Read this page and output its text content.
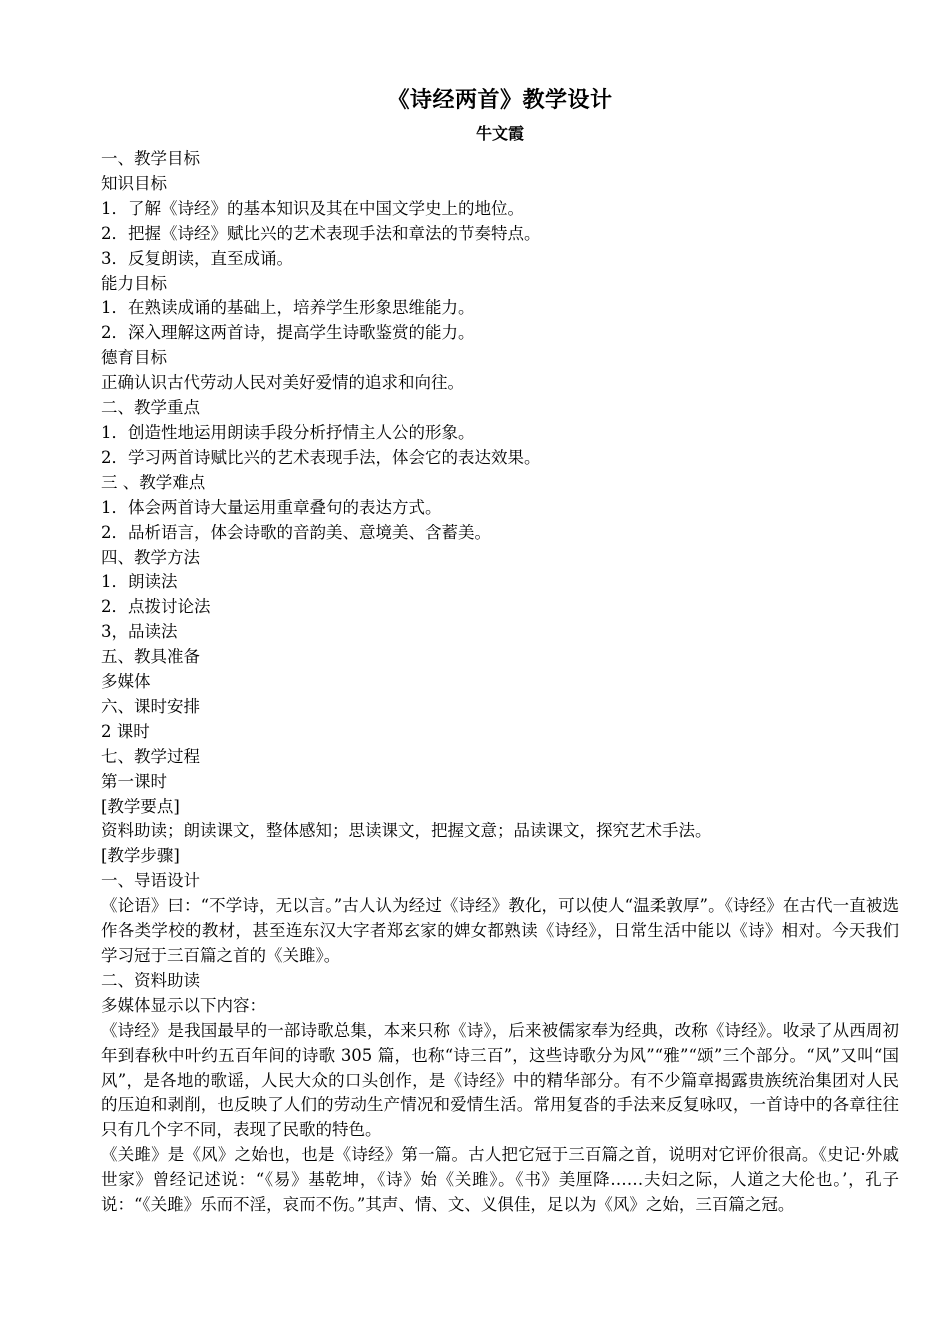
《诗经两首》教学设计
牛文霞
一、教学目标
知识目标
1．了解《诗经》的基本知识及其在中国文学史上的地位。
2．把握《诗经》赋比兴的艺术表现手法和章法的节奏特点。
3．反复朗读，直至成诵。
能力目标
1．在熟读成诵的基础上，培养学生形象思维能力。
2．深入理解这两首诗，提高学生诗歌鉴赏的能力。
德育目标
正确认识古代劳动人民对美好爱情的追求和向往。
二、教学重点
1．创造性地运用朗读手段分析抒情主人公的形象。
2．学习两首诗赋比兴的艺术表现手法，体会它的表达效果。
三 、教学难点
1．体会两首诗大量运用重章叠句的表达方式。
2．品析语言，体会诗歌的音韵美、意境美、含蓄美。
四、教学方法
1．朗读法
2．点拨讨论法
3，品读法
五、教具准备
多媒体
六、课时安排
2 课时
七、教学过程
第一课时
[教学要点]
资料助读；朗读课文，整体感知；思读课文，把握文意；品读课文，探究艺术手法。
[教学步骤]
一、导语设计
《论语》曰：“不学诗，无以言。”古人认为经过《诗经》教化，可以使人“温柔敦厚”。《诗经》在古代一直被选作各类学校的教材，甚至连东汉大字者郑玄家的婢女都熟读《诗经》，日常生活中能以《诗》相对。今天我们学习冠于三百篇之首的《关雎》。
二、资料助读
多媒体显示以下内容：
《诗经》是我国最早的一部诗歌总集，本来只称《诗》，后来被儒家奉为经典，改称《诗经》。收录了从西周初年到春秋中叶约五百年间的诗歌 305 篇，也称“诗三百”，这些诗歌分为风”“雅”“颂”三个部分。“风”又叫“国风”，是各地的歌谣，人民大众的口头创作，是《诗经》中的精华部分。有不少篇章揭露贵族统治集团对人民的压迫和剥削，也反映了人们的劳动生产情况和爱情生活。常用复沓的手法来反复咏叹，一首诗中的各章往往只有几个字不同，表现了民歌的特色。
《关雎》是《风》之始也，也是《诗经》第一篇。古人把它冠于三百篇之首，说明对它评价很高。《史记·外戚世家》曾经记述说：“《易》基乾坤，《诗》始《关雎》。《书》美厘降……夫妇之际，人道之大伦也。’，孔子说：“《关雎》乐而不淫，哀而不伤。”其声、情、文、义俱佳，足以为《风》之始，三百篇之冠。
